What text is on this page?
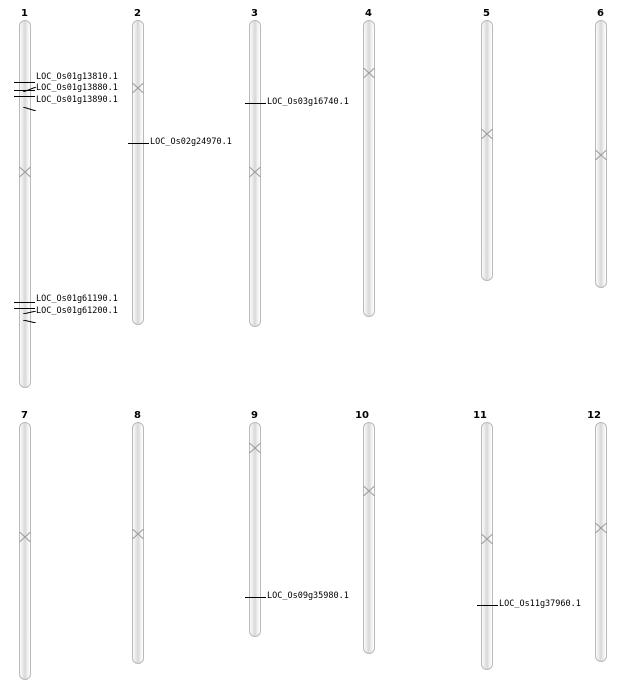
1
LOC_Os01g13810.1
LOC_Os01g13880.1
LOC_Os01g13890.1
LOC_Os01g61190.1
LOC_Os01g61200.1
2
LOC_Os02g24970.1
3
LOC_Os03g16740.1
4	5	6
7	8	9
LOC_Os09g35980.1
10	11
LOC_Os11g37960.1
12
